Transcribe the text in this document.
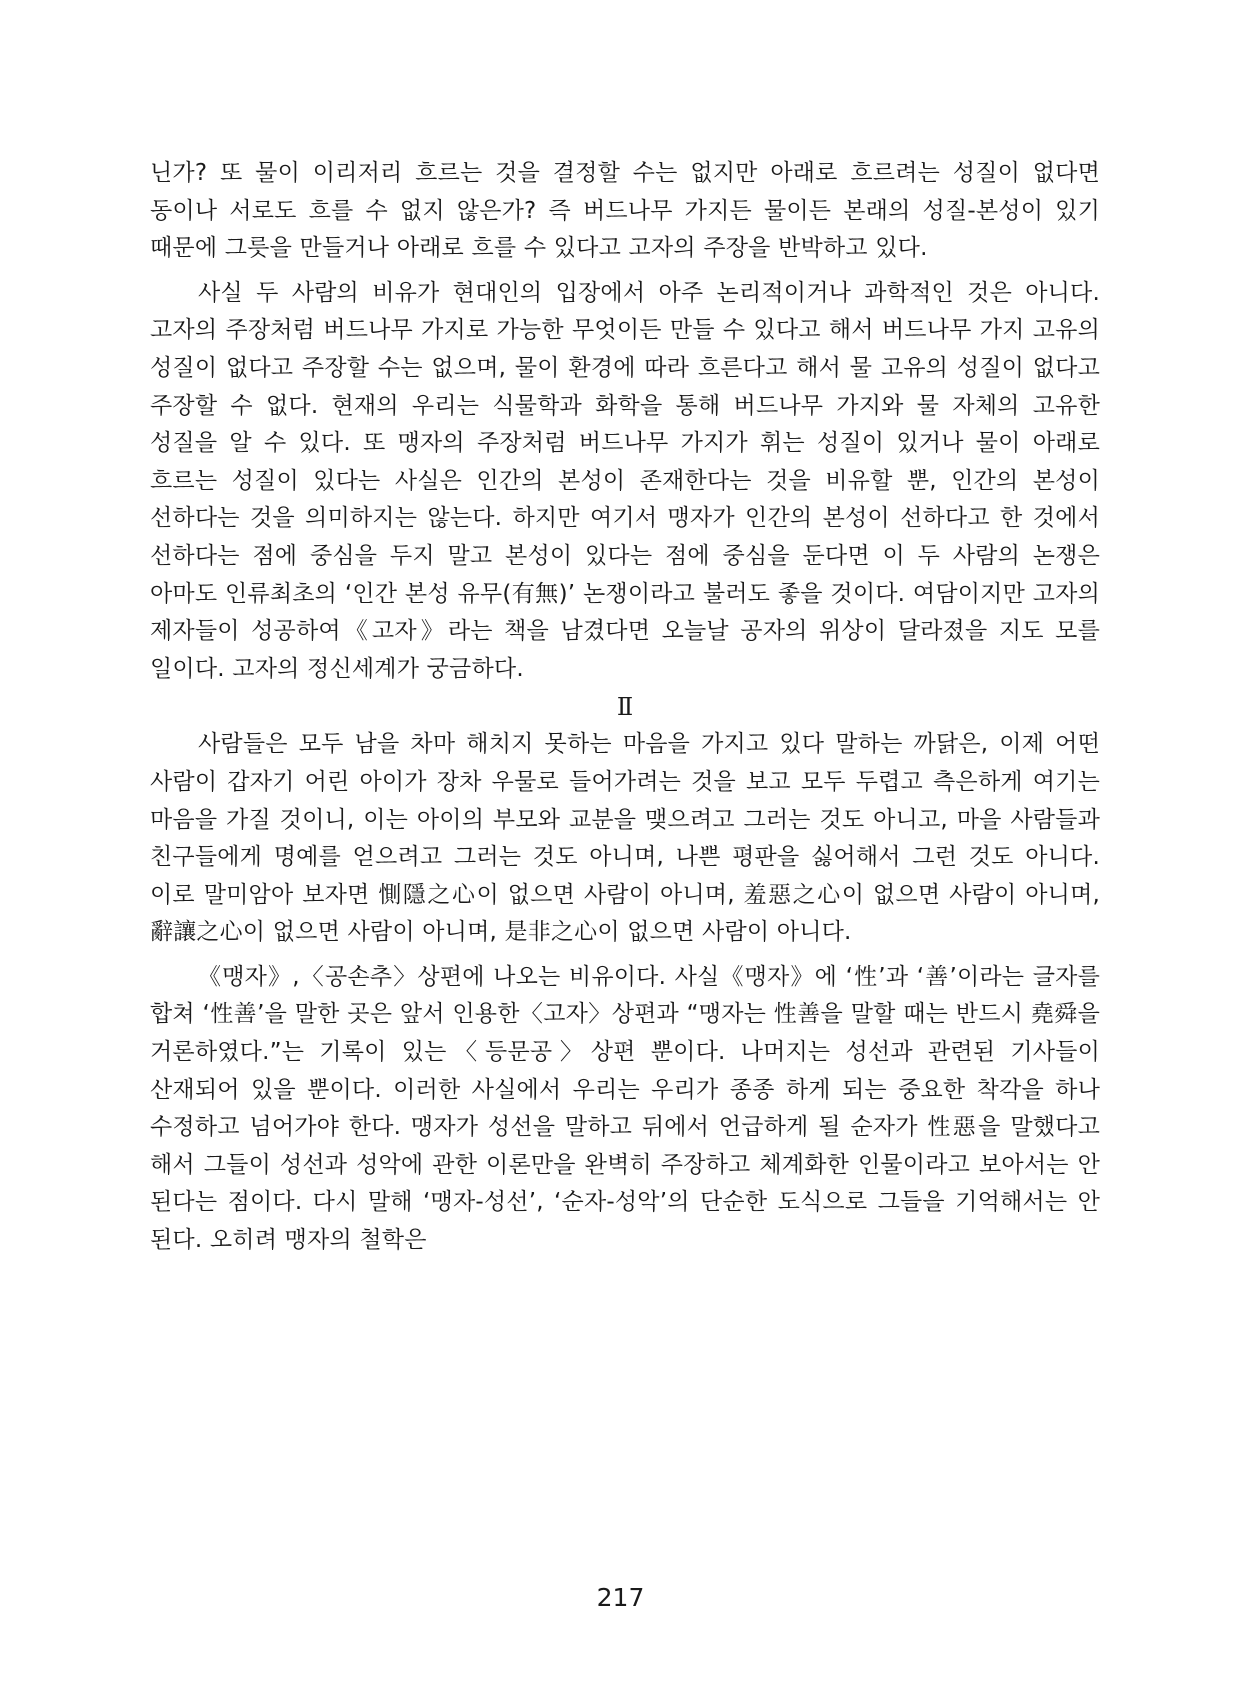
닌가? 또 물이 이리저리 흐르는 것을 결정할 수는 없지만 아래로 흐르려는 성질이 없다면 동이나 서로도 흐를 수 없지 않은가? 즉 버드나무 가지든 물이든 본래의 성질-본성이 있기 때문에 그릇을 만들거나 아래로 흐를 수 있다고 고자의 주장을 반박하고 있다.

사실 두 사람의 비유가 현대인의 입장에서 아주 논리적이거나 과학적인 것은 아니다. 고자의 주장처럼 버드나무 가지로 가능한 무엇이든 만들 수 있다고 해서 버드나무 가지 고유의 성질이 없다고 주장할 수는 없으며, 물이 환경에 따라 흐른다고 해서 물 고유의 성질이 없다고 주장할 수 없다. 현재의 우리는 식물학과 화학을 통해 버드나무 가지와 물 자체의 고유한 성질을 알 수 있다. 또 맹자의 주장처럼 버드나무 가지가 휘는 성질이 있거나 물이 아래로 흐르는 성질이 있다는 사실은 인간의 본성이 존재한다는 것을 비유할 뿐, 인간의 본성이 선하다는 것을 의미하지는 않는다. 하지만 여기서 맹자가 인간의 본성이 선하다고 한 것에서 선하다는 점에 중심을 두지 말고 본성이 있다는 점에 중심을 둔다면 이 두 사람의 논쟁은 아마도 인류최초의 ‘인간 본성 유무(有無)’ 논쟁이라고 불러도 좋을 것이다. 여담이지만 고자의 제자들이 성공하여《고자》라는 책을 남겼다면 오늘날 공자의 위상이 달라졌을 지도 모를 일이다. 고자의 정신세계가 궁금하다.

Ⅱ

사람들은 모두 남을 차마 해치지 못하는 마음을 가지고 있다 말하는 까닭은, 이제 어떤 사람이 갑자기 어린 아이가 장차 우물로 들어가려는 것을 보고 모두 두렵고 측은하게 여기는 마음을 가질 것이니, 이는 아이의 부모와 교분을 맺으려고 그러는 것도 아니고, 마을 사람들과 친구들에게 명예를 얻으려고 그러는 것도 아니며, 나쁜 평판을 싫어해서 그런 것도 아니다. 이로 말미암아 보자면 惻隱之心이 없으면 사람이 아니며, 羞惡之心이 없으면 사람이 아니며, 辭讓之心이 없으면 사람이 아니며, 是非之心이 없으면 사람이 아니다.

《맹자》,〈공손추〉상편에 나오는 비유이다. 사실《맹자》에 ‘性’과 ‘善’이라는 글자를 합쳐 ‘性善’을 말한 곳은 앞서 인용한〈고자〉상편과 “맹자는 性善을 말할 때는 반드시 堯舜을 거론하였다.”는 기록이 있는〈등문공〉상편 뿐이다. 나머지는 성선과 관련된 기사들이 산재되어 있을 뿐이다. 이러한 사실에서 우리는 우리가 종종 하게 되는 중요한 착각을 하나 수정하고 넘어가야 한다. 맹자가 성선을 말하고 뒤에서 언급하게 될 순자가 性惡을 말했다고 해서 그들이 성선과 성악에 관한 이론만을 완벽히 주장하고 체계화한 인물이라고 보아서는 안 된다는 점이다. 다시 말해 ‘맹자-성선’, ‘순자-성악’의 단순한 도식으로 그들을 기억해서는 안 된다. 오히려 맹자의 철학은

217
